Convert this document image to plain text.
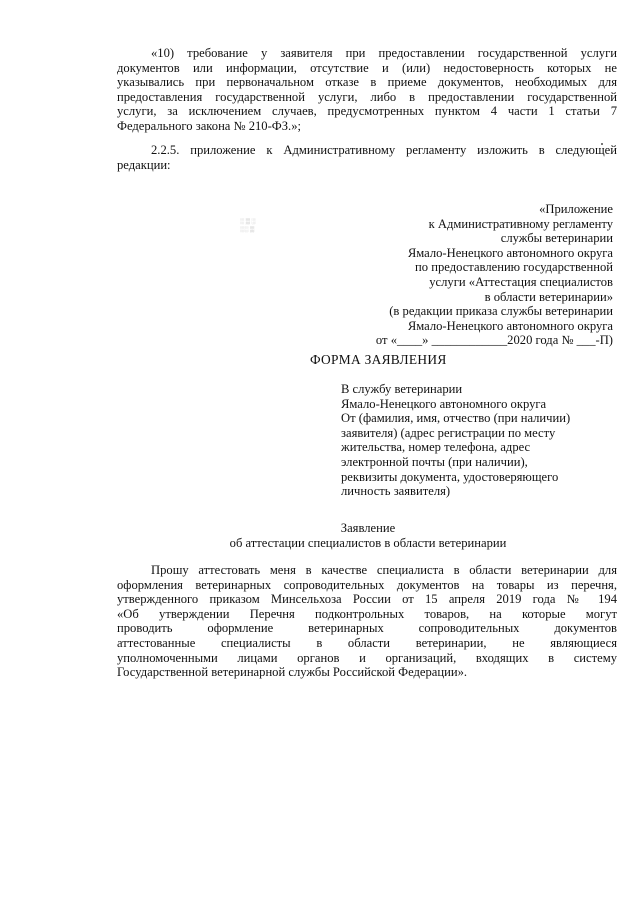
«10) требование у заявителя при предоставлении государственной услуги
документов или информации, отсутствие и (или) недостоверность которых не
указывались при первоначальном отказе в приеме документов, необходимых для
предоставления государственной услуги, либо в предоставлении государственной
услуги, за исключением случаев, предусмотренных пунктом 4 части 1 статьи 7
Федерального закона № 210-ФЗ.»;
2.2.5. приложение к Административному регламенту изложить в следующей
редакции:
░ ▒ ░
░░ ▒
«Приложение
к Административному регламенту
службы ветеринарии
Ямало-Ненецкого автономного округа
по предоставлению государственной
услуги «Аттестация специалистов
в области ветеринарии»
(в редакции приказа службы ветеринарии
Ямало-Ненецкого автономного округа
от «____» ____________2020 года № ___-П)
ФОРМА ЗАЯВЛЕНИЯ
В службу ветеринарии
Ямало-Ненецкого автономного округа
От (фамилия, имя, отчество (при наличии)
заявителя) (адрес регистрации по месту
жительства, номер телефона, адрес
электронной почты (при наличии),
реквизиты документа, удостоверяющего
личность заявителя)
Заявление
об аттестации специалистов в области ветеринарии
Прошу аттестовать меня в качестве специалиста в области ветеринарии для
оформления ветеринарных сопроводительных документов на товары из перечня,
утвержденного приказом Минсельхоза России от 15 апреля 2019 года № 194
«Об утверждении Перечня подконтрольных товаров, на которые могут
проводить оформление ветеринарных сопроводительных документов
аттестованные специалисты в области ветеринарии, не являющиеся
уполномоченными лицами органов и организаций, входящих в систему
Государственной ветеринарной службы Российской Федерации».
